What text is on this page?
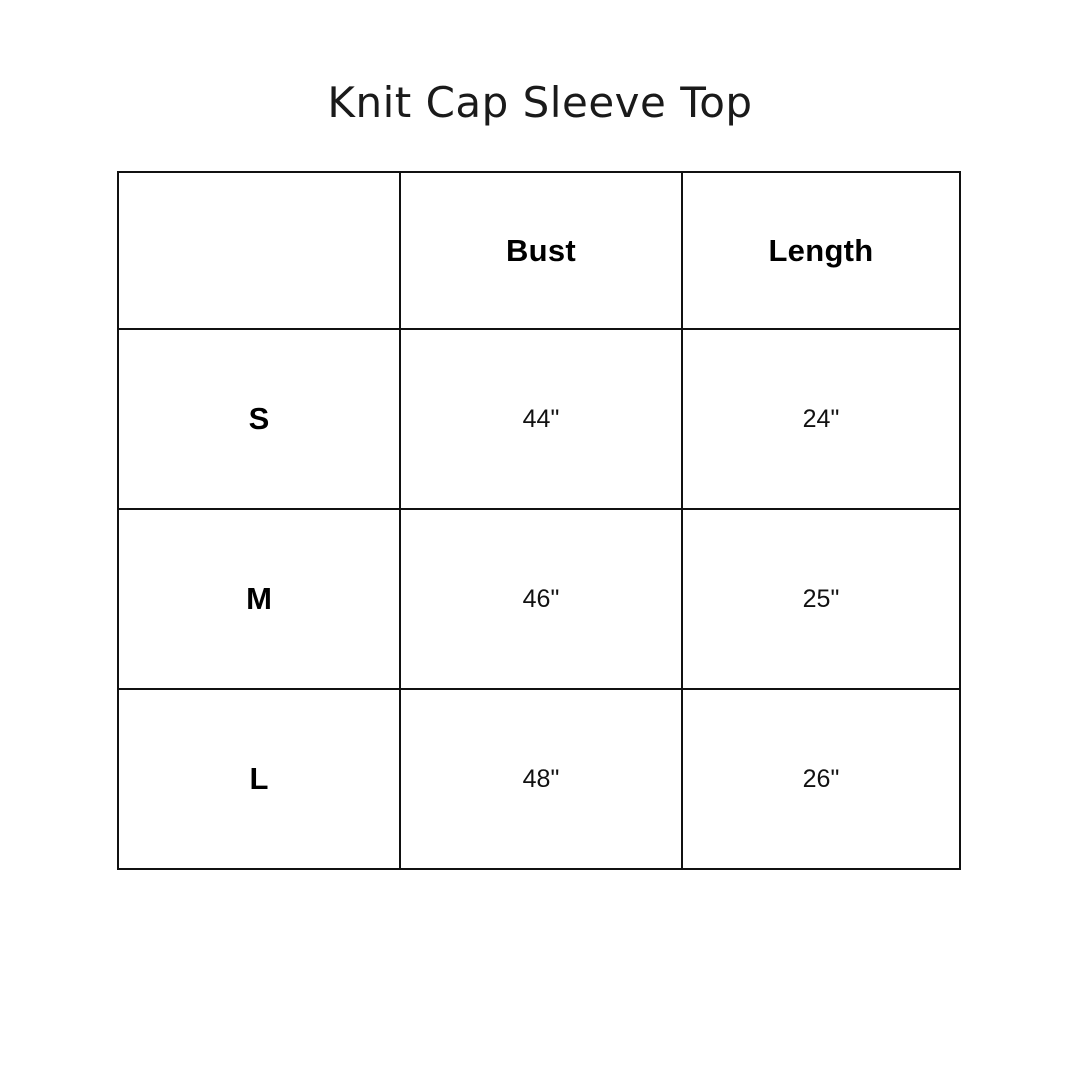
Knit Cap Sleeve Top
	Bust	Length
S	44"	24"
M	46"	25"
L	48"	26"
